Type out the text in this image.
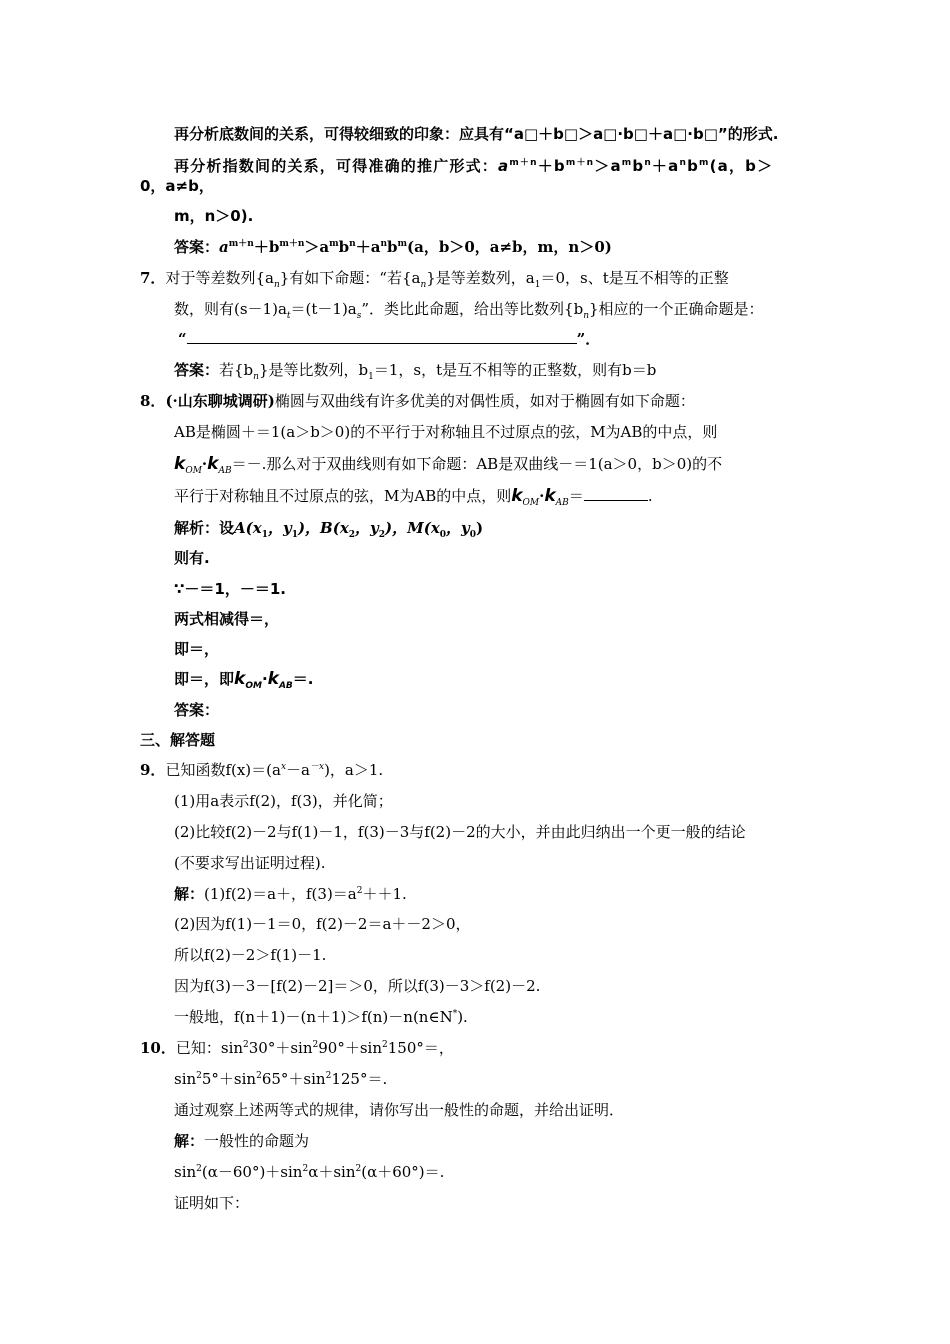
再分析底数间的关系，可得较细致的印象：应具有“a□＋b□＞a□·b□＋a□·b□”的形式.
再分析指数间的关系，可得准确的推广形式：$a^{m+n}+b^{m+n}>a^mb^n+a^nb^m(a$，b＞
0，a≠b，
m，n＞0).
答案：$a^{m+n}+b^{m+n}>a^mb^n+a^nb^m(a$，b＞0，a≠b，m，n＞0)
7．对于等差数列$\{a_n\}$有如下命题：“若$\{a_n\}$是等差数列，$a_1=0$，s、t是互不相等的正整
数，则有$(s-1)a_t=(t-1)a_s$”．类比此命题，给出等比数列$\{b_n\}$相应的一个正确命题是：
“	”．
答案：若$\{b_n\}$是等比数列，$b_1=1$，s，t是互不相等的正整数，则有b＝b
8．(·山东聊城调研)椭圆与双曲线有许多优美的对偶性质，如对于椭圆有如下命题：
AB是椭圆＋＝1(a＞b＞0)的不平行于对称轴且不过原点的弦，M为AB的中点，则
$k_{OM}\cdot k_{AB}=-$.那么对于双曲线则有如下命题：AB是双曲线－＝1(a＞0，b＞0)的不
平行于对称轴且不过原点的弦，M为AB的中点，则$k_{OM}\cdot k_{AB}=$	.
解析：设$A(x_1$，$y_1$)，$B(x_2$，$y_2$)，$M(x_0$，$y_0$)
则有.
∵－＝1，－＝1.
两式相减得＝，
即＝，
即＝，即$k_{OM}\cdot k_{AB}=$.
答案：
三、解答题
9．已知函数$f(x)=(a^x-a^{-x})$，a＞1.
(1)用a表示f(2)，f(3)，并化简；
(2)比较f(2)－2与f(1)－1，f(3)－3与f(2)－2的大小，并由此归纳出一个更一般的结论
(不要求写出证明过程).
解：(1)f(2)＝a＋，$f(3)=a^2++1$.
(2)因为f(1)－1＝0，f(2)－2＝a＋－2＞0，
所以f(2)－2＞f(1)－1.
因为f(3)－3－[f(2)－2]＝＞0，所以f(3)－3＞f(2)－2.
一般地，f(n＋1)－(n＋1)＞f(n)－n(n∈N*).
10．已知：$\sin^230^\circ+\sin^290^\circ+\sin^2150^\circ=$，
$\sin^25^\circ+\sin^265^\circ+\sin^2125^\circ=$.
通过观察上述两等式的规律，请你写出一般性的命题，并给出证明．
解：一般性的命题为
$\sin^2(\alpha-60^\circ)+\sin^2\alpha+\sin^2(\alpha+60^\circ)=$.
证明如下：
